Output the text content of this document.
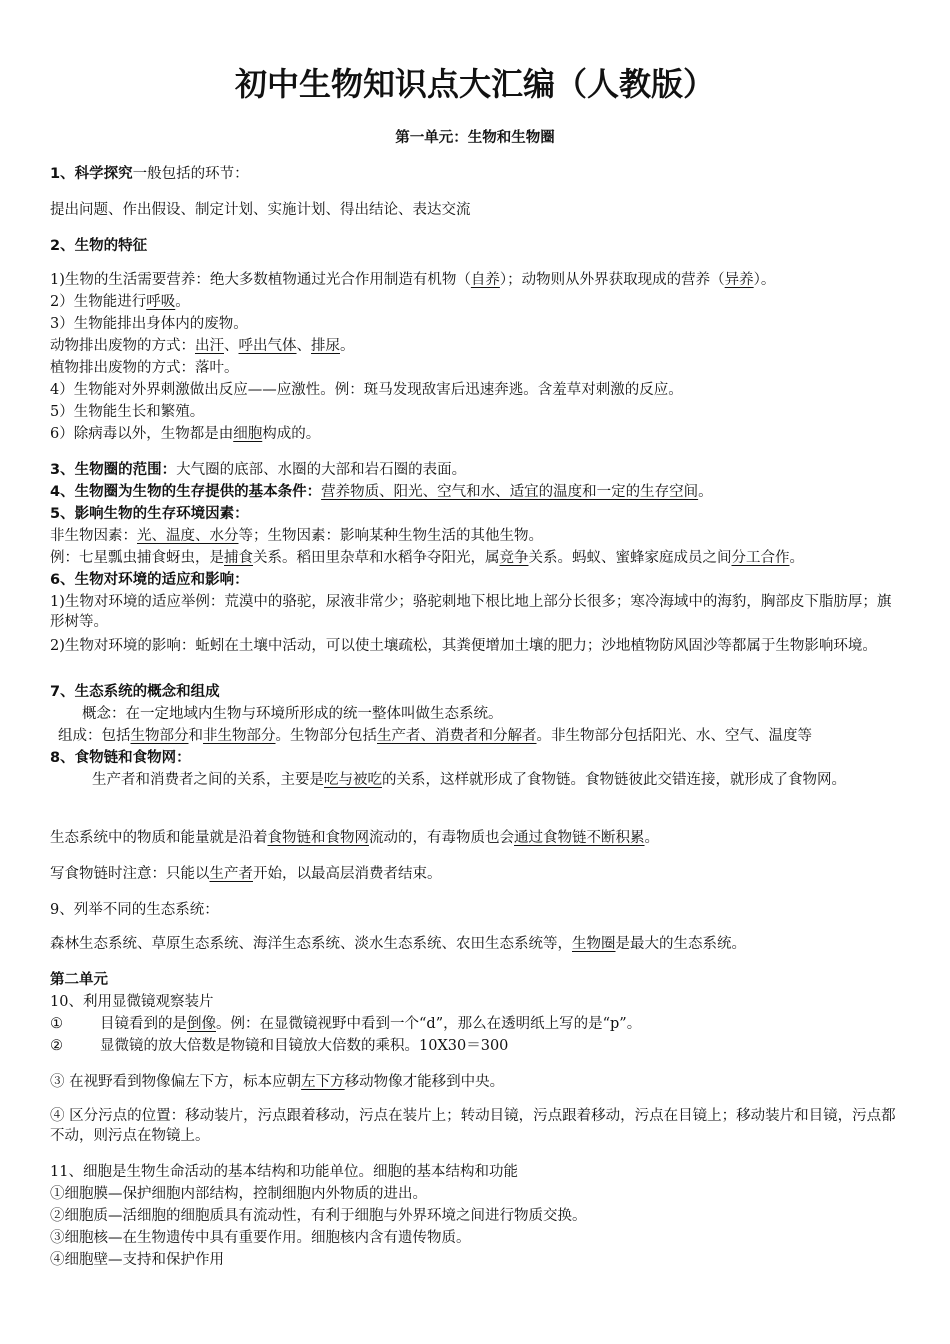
初中生物知识点大汇编（人教版）
第一单元：生物和生物圈
1、科学探究一般包括的环节：
提出问题、作出假设、制定计划、实施计划、得出结论、表达交流
2、生物的特征
1)生物的生活需要营养：绝大多数植物通过光合作用制造有机物（自养）；动物则从外界获取现成的营养（异养）。
2）生物能进行呼吸。
3）生物能排出身体内的废物。
动物排出废物的方式：出汗、呼出气体、排尿。
植物排出废物的方式：落叶。
4）生物能对外界刺激做出反应——应激性。例：斑马发现敌害后迅速奔逃。含羞草对刺激的反应。
5）生物能生长和繁殖。
6）除病毒以外，生物都是由细胞构成的。
3、生物圈的范围：大气圈的底部、水圈的大部和岩石圈的表面。
4、生物圈为生物的生存提供的基本条件：营养物质、阳光、空气和水、适宜的温度和一定的生存空间。
5、影响生物的生存环境因素：
非生物因素：光、温度、水分等；生物因素：影响某种生物生活的其他生物。
例：七星瓢虫捕食蚜虫，是捕食关系。稻田里杂草和水稻争夺阳光，属竞争关系。蚂蚁、蜜蜂家庭成员之间分工合作。
6、生物对环境的适应和影响：
1)生物对环境的适应举例：荒漠中的骆驼，尿液非常少；骆驼刺地下根比地上部分长很多；寒冷海域中的海豹，胸部皮下脂肪厚；旗形树等。
2)生物对环境的影响：蚯蚓在土壤中活动，可以使土壤疏松，其粪便增加土壤的肥力；沙地植物防风固沙等都属于生物影响环境。
7、生态系统的概念和组成
概念：在一定地域内生物与环境所形成的统一整体叫做生态系统。
组成：包括生物部分和非生物部分。生物部分包括生产者、消费者和分解者。非生物部分包括阳光、水、空气、温度等
8、食物链和食物网：
生产者和消费者之间的关系，主要是吃与被吃的关系，这样就形成了食物链。食物链彼此交错连接，就形成了食物网。
生态系统中的物质和能量就是沿着食物链和食物网流动的，有毒物质也会通过食物链不断积累。
写食物链时注意：只能以生产者开始，以最高层消费者结束。
9、列举不同的生态系统：
森林生态系统、草原生态系统、海洋生态系统、淡水生态系统、农田生态系统等，生物圈是最大的生态系统。
第二单元
10、利用显微镜观察装片
①	目镜看到的是倒像。例：在显微镜视野中看到一个“d”，那么在透明纸上写的是“p”。
②	显微镜的放大倍数是物镜和目镜放大倍数的乘积。10X30＝300
③ 在视野看到物像偏左下方，标本应朝左下方移动物像才能移到中央。
④ 区分污点的位置：移动装片，污点跟着移动，污点在装片上；转动目镜，污点跟着移动，污点在目镜上；移动装片和目镜，污点都不动，则污点在物镜上。
11、细胞是生物生命活动的基本结构和功能单位。细胞的基本结构和功能
①细胞膜—保护细胞内部结构，控制细胞内外物质的进出。
②细胞质—活细胞的细胞质具有流动性，有利于细胞与外界环境之间进行物质交换。
③细胞核—在生物遗传中具有重要作用。细胞核内含有遗传物质。
④细胞壁—支持和保护作用
